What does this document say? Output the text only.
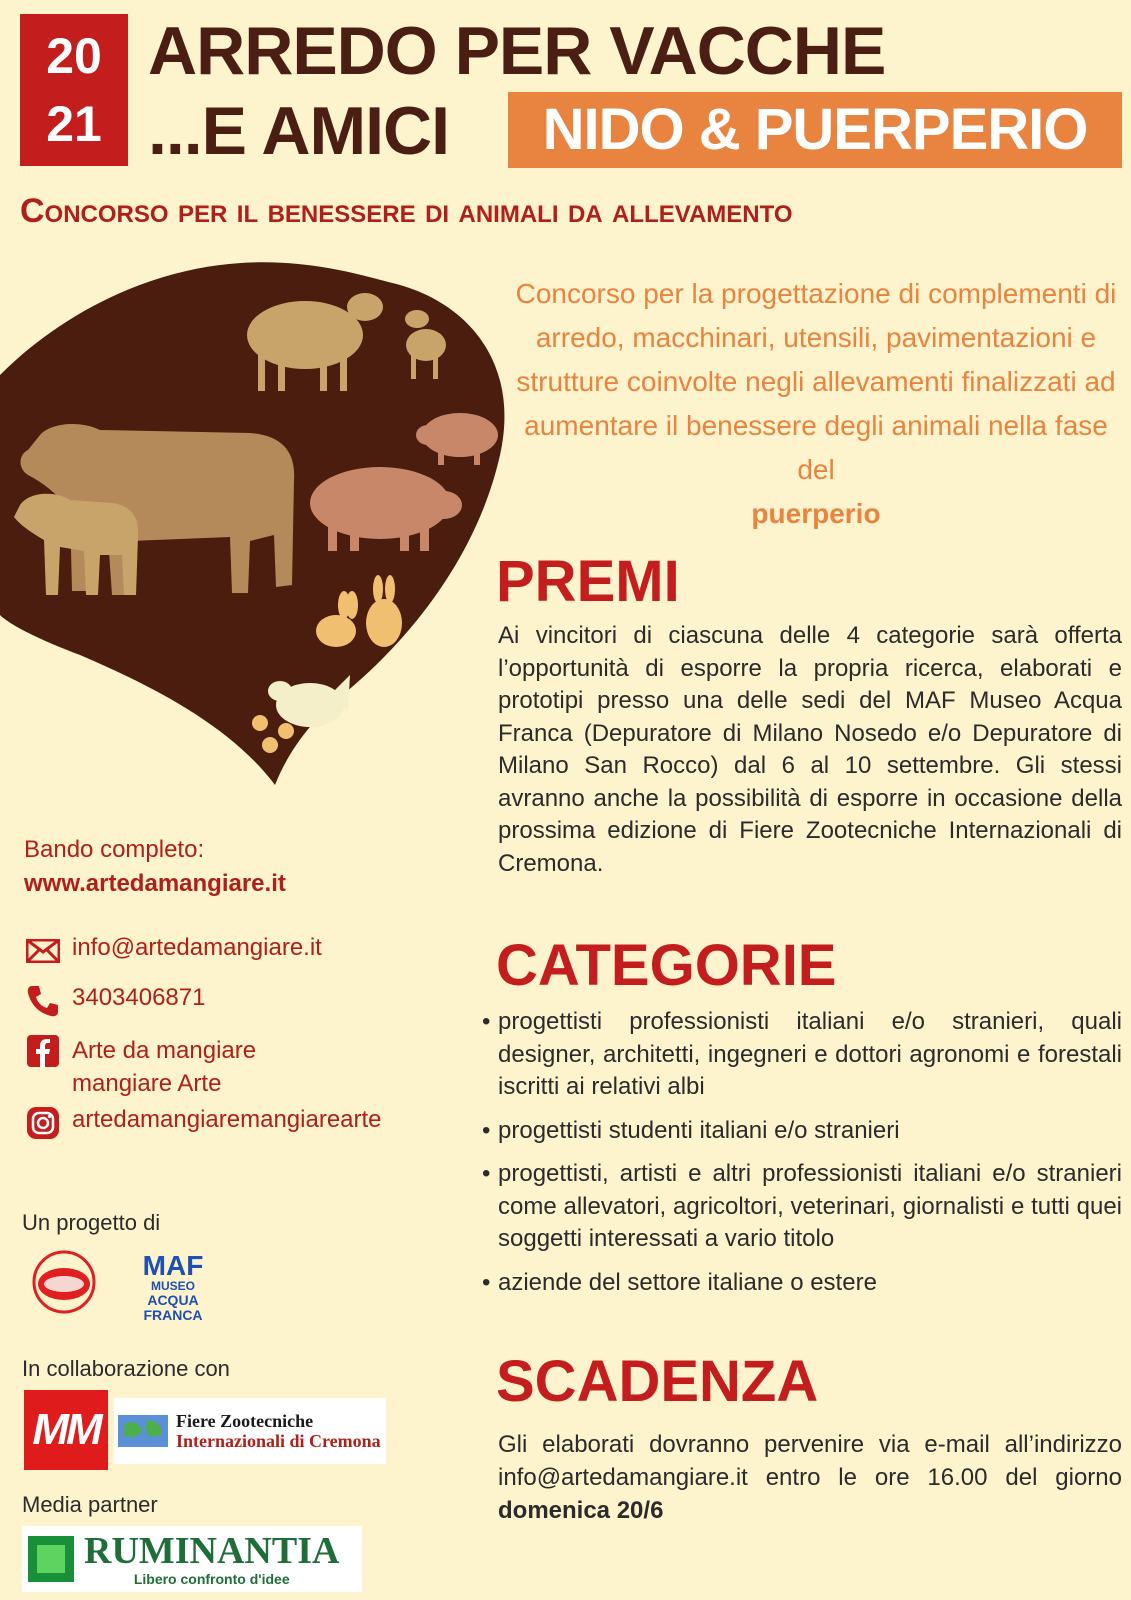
20
21
ARREDO PER VACCHE
...E AMICI	NIDO & PUERPERIO
Concorso per il benessere di animali da allevamento
Concorso per la progettazione di complementi di arredo, macchinari, utensili, pavimentazioni e strutture coinvolte negli allevamenti finalizzati ad aumentare il benessere degli animali nella fase del
puerperio
PREMI
Ai vincitori di ciascuna delle 4 categorie sarà offerta l’opportunità di esporre la propria ricerca, elaborati e prototipi presso una delle sedi del MAF Museo Acqua Franca (Depuratore di Milano Nosedo e/o Depuratore di Milano San Rocco) dal 6 al 10 settembre. Gli stessi avranno anche la possibilità di esporre in occasione della prossima edizione di Fiere Zootecniche Internazionali di Cremona.
CATEGORIE
• progettisti professionisti italiani e/o stranieri, quali designer, architetti, ingegneri e dottori agronomi e forestali iscritti ai relativi albi
• progettisti studenti italiani e/o stranieri
• progettisti, artisti e altri professionisti italiani e/o stranieri come allevatori, agricoltori, veterinari, giornalisti e tutti quei soggetti interessati a vario titolo
• aziende del settore italiane o estere
SCADENZA
Gli elaborati dovranno pervenire via e-mail all’indirizzo info@artedamangiare.it entro le ore 16.00 del giorno domenica 20/6
Bando completo:
www.artedamangiare.it
info@artedamangiare.it
3403406871
Arte da mangiare
mangiare Arte
artedamangiaremangiarearte
Un progetto di
MAF
MUSEO
ACQUA FRANCA
In collaborazione con
MM	Fiere Zootecniche
Internazionali di Cremona
Media partner
RUMINANTIA
Libero confronto d'idee
